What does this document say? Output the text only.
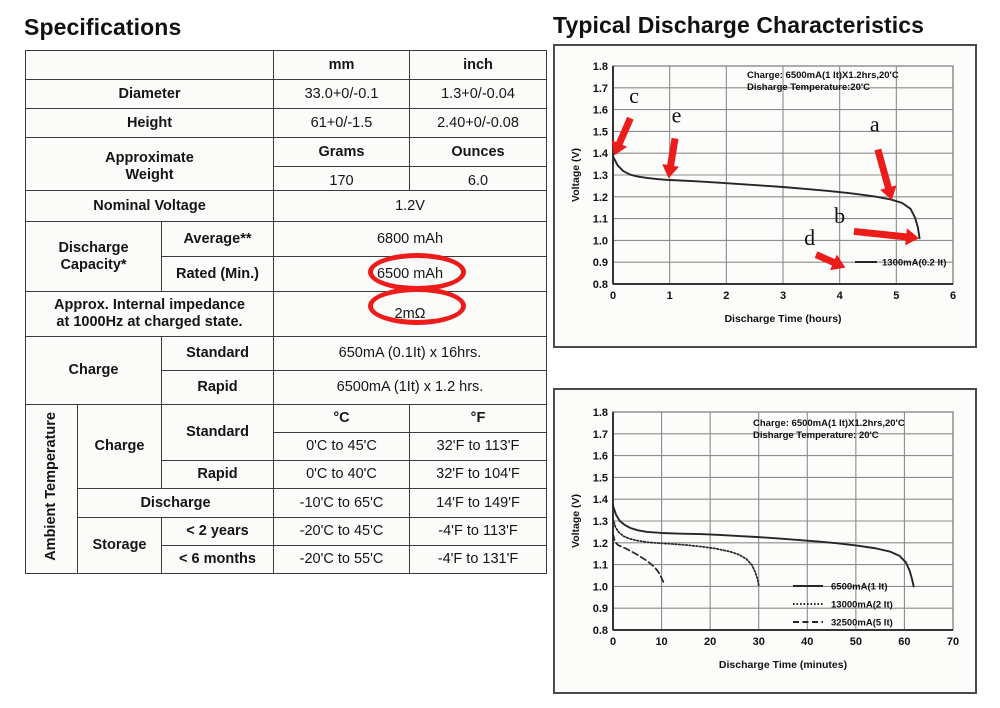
Specifications
	mm	inch
Diameter	33.0+0/-0.1	1.3+0/-0.04
Height	61+0/-1.5	2.40+0/-0.08
Approximate
Weight	Grams	Ounces
	170	6.0
Nominal Voltage			1.2V	
Discharge
Capacity*		Average**	6800 mAh	
		Rated (Min.)	6500 mAh	
Approx. Internal impedance
at 1000Hz at charged state.			2mΩ	
Charge		Standard	650mA (0.1It) x 16hrs.	
		Rapid	6500mA (1It) x 1.2 hrs.	
Ambient Temperature	Charge	Standard	°C	°F
			0'C to 45'C	32'F to 113'F
		Rapid	0'C to 40'C	32'F to 104'F
	Discharge		-10'C to 65'C	14'F to 149'F
	Storage	< 2 years	-20'C to 45'C	-4'F to 113'F
		< 6 months	-20'C to 55'C	-4'F to 131'F
Typical Discharge Characteristics
0.8
0.9
1.0
1.1
1.2
1.3
1.4
1.5
1.6
1.7
1.8
0	1	2	3	4	5	6
Voltage (V)
Discharge Time (hours)
Charge: 6500mA(1 It)X1.2hrs,20'C
Disharge Temperature:20'C
1300mA(0.2 It)
c
e	a
b
d
0.8
0.9
1.0
1.1
1.2
1.3
1.4
1.5
1.6
1.7
1.8
0	10	20	30	40	50	60	70
Voltage (V)
Discharge Time (minutes)
Charge: 6500mA(1 It)X1.2hrs,20'C
Disharge Temperature: 20'C
6500mA(1 It)
13000mA(2 It)
32500mA(5 It)
